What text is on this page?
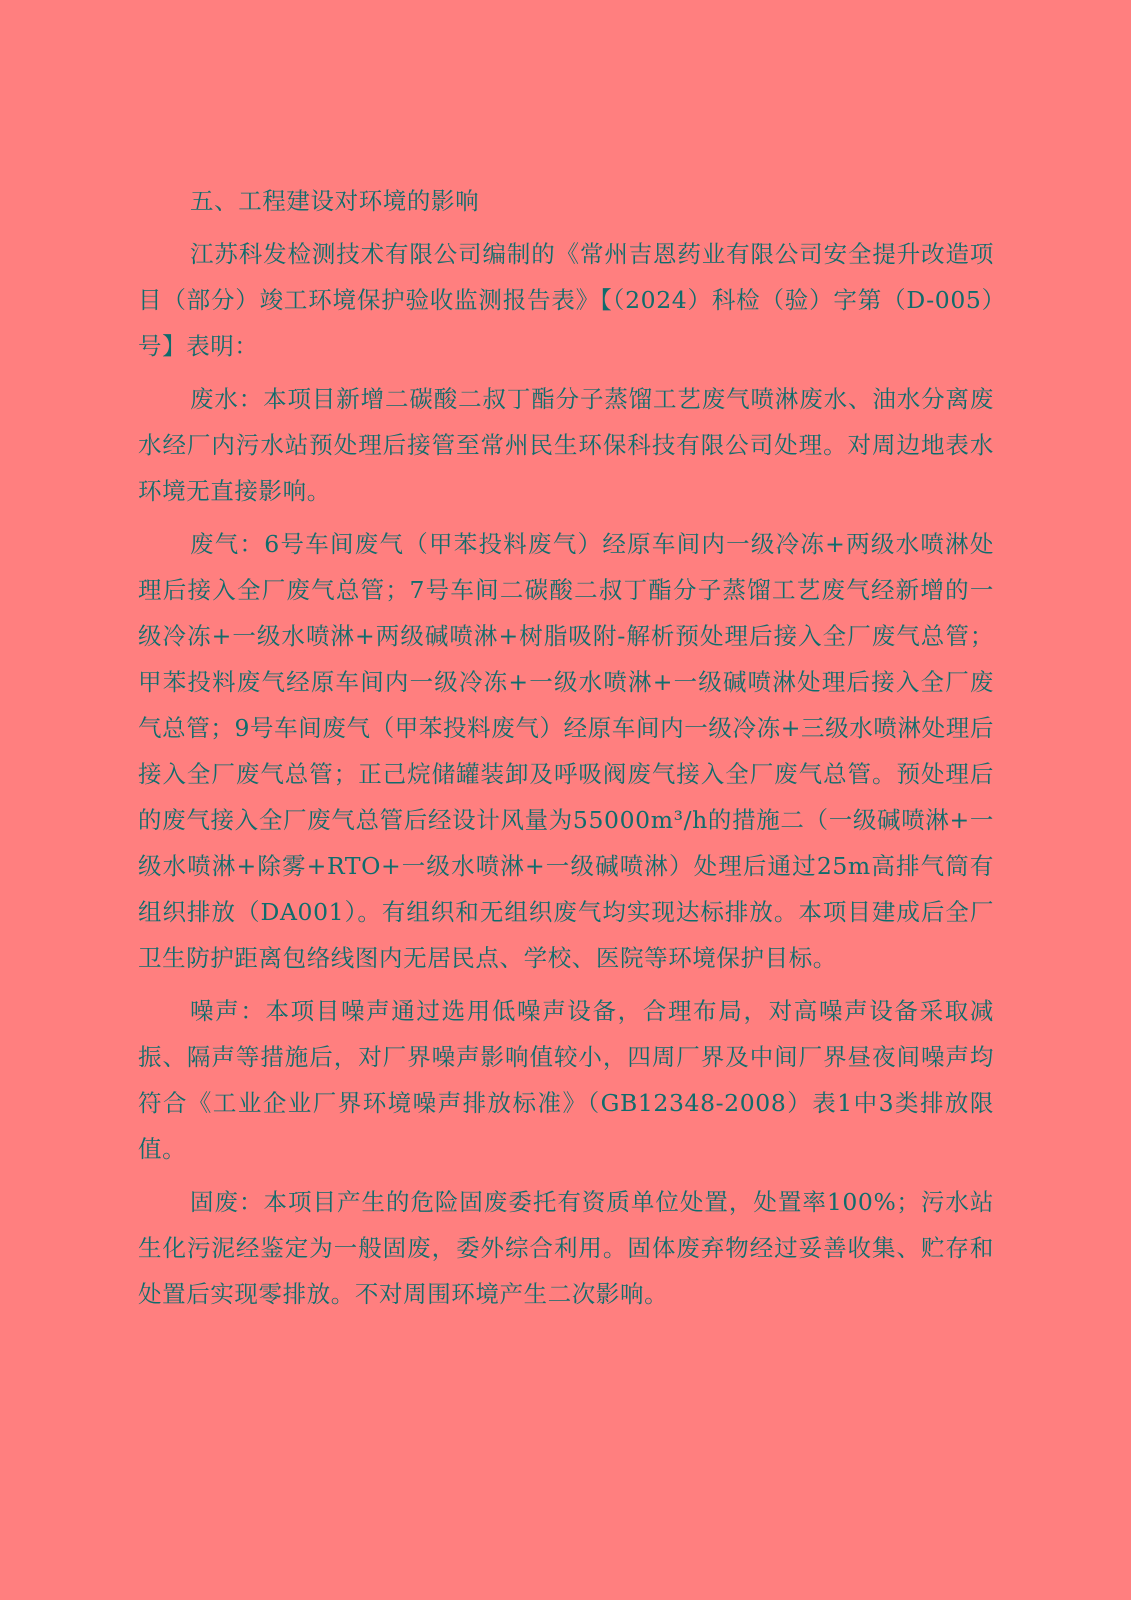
五、工程建设对环境的影响

江苏科发检测技术有限公司编制的《常州吉恩药业有限公司安全提升改造项目（部分）竣工环境保护验收监测报告表》【（2024）科检（验）字第（D-005）号】表明：

废水：本项目新增二碳酸二叔丁酯分子蒸馏工艺废气喷淋废水、油水分离废水经厂内污水站预处理后接管至常州民生环保科技有限公司处理。对周边地表水环境无直接影响。

废气：6号车间废气（甲苯投料废气）经原车间内一级冷冻+两级水喷淋处理后接入全厂废气总管；7号车间二碳酸二叔丁酯分子蒸馏工艺废气经新增的一级冷冻+一级水喷淋+两级碱喷淋+树脂吸附-解析预处理后接入全厂废气总管；甲苯投料废气经原车间内一级冷冻+一级水喷淋+一级碱喷淋处理后接入全厂废气总管；9号车间废气（甲苯投料废气）经原车间内一级冷冻+三级水喷淋处理后接入全厂废气总管；正己烷储罐装卸及呼吸阀废气接入全厂废气总管。预处理后的废气接入全厂废气总管后经设计风量为55000m³/h的措施二（一级碱喷淋+一级水喷淋+除雾+RTO+一级水喷淋+一级碱喷淋）处理后通过25m高排气筒有组织排放（DA001）。有组织和无组织废气均实现达标排放。本项目建成后全厂卫生防护距离包络线图内无居民点、学校、医院等环境保护目标。

噪声：本项目噪声通过选用低噪声设备，合理布局，对高噪声设备采取减振、隔声等措施后，对厂界噪声影响值较小，四周厂界及中间厂界昼夜间噪声均符合《工业企业厂界环境噪声排放标准》（GB12348-2008）表1中3类排放限值。

固废：本项目产生的危险固废委托有资质单位处置，处置率100%；污水站生化污泥经鉴定为一般固废，委外综合利用。固体废弃物经过妥善收集、贮存和处置后实现零排放。不对周围环境产生二次影响。
